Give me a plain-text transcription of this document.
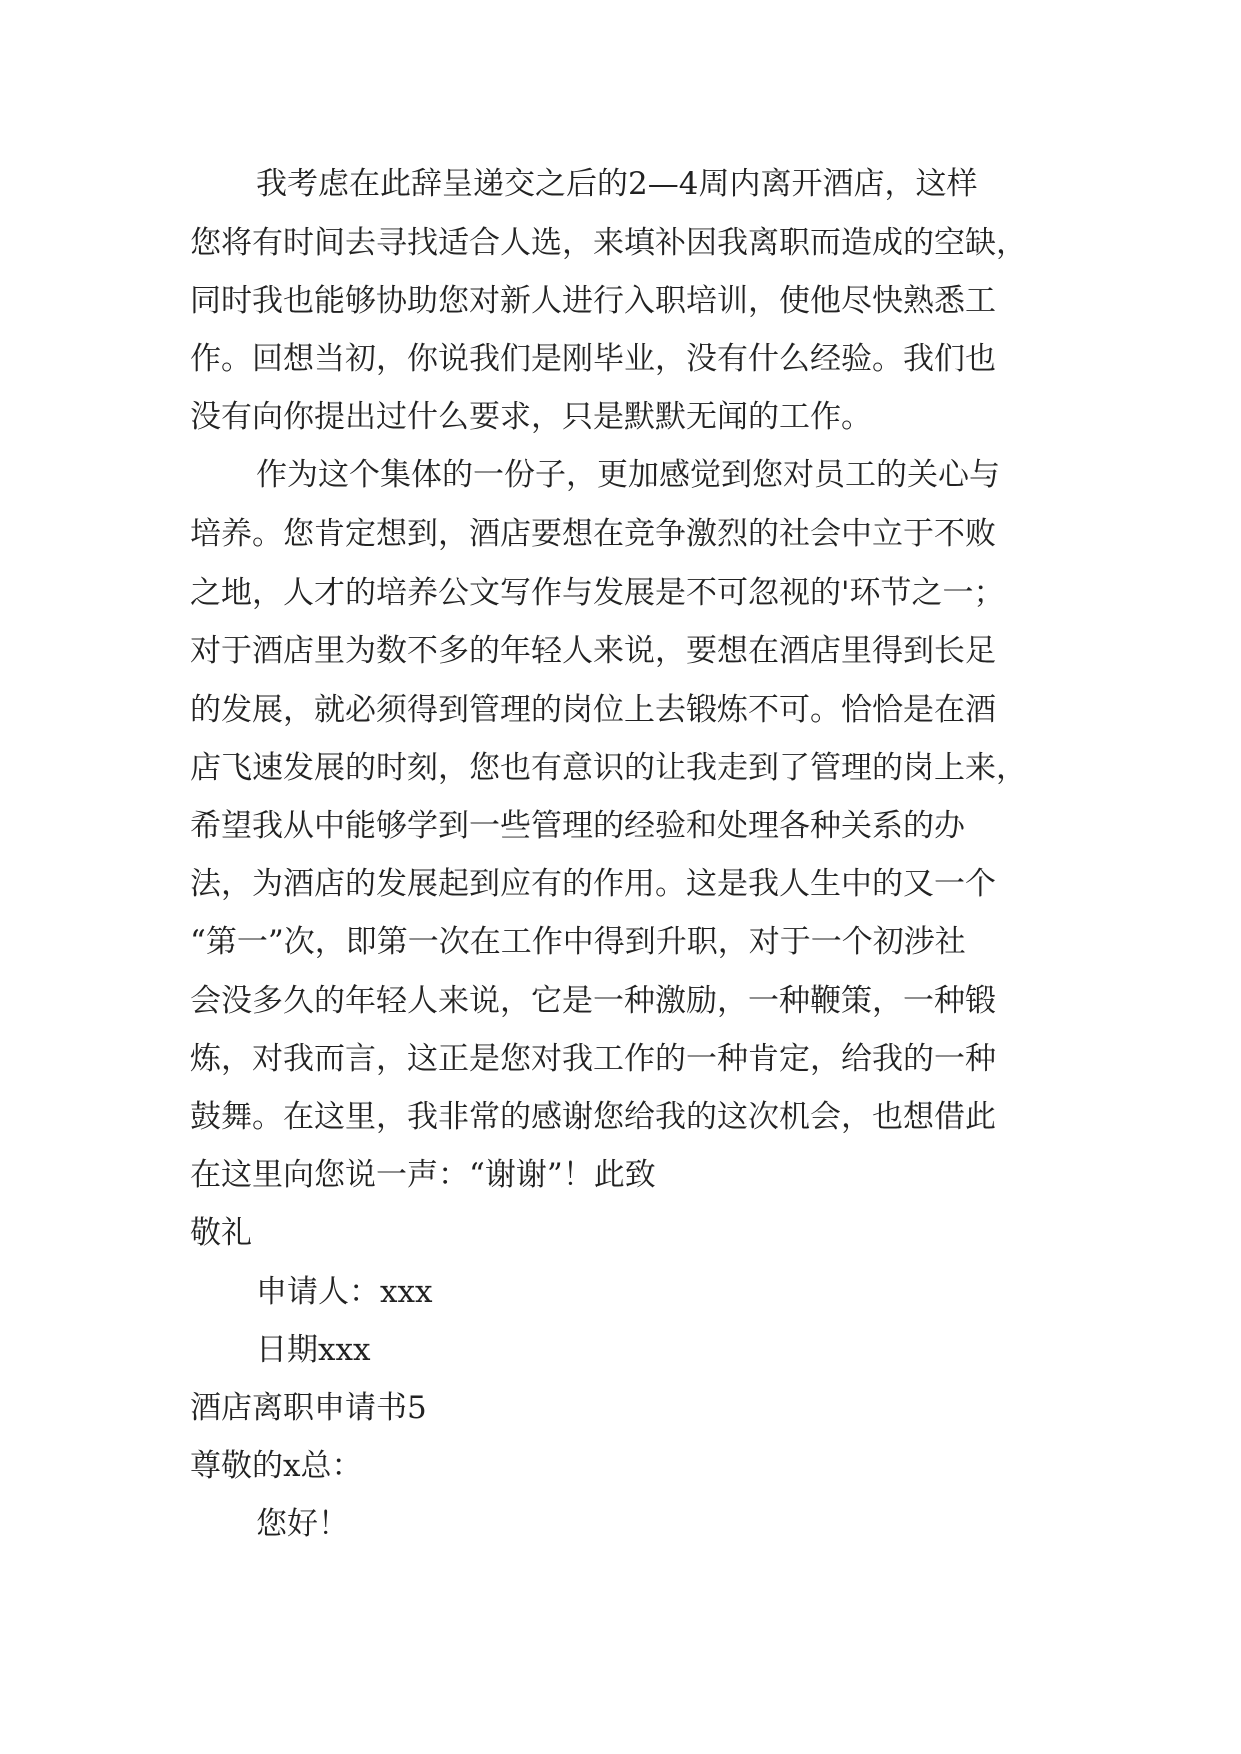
我考虑在此辞呈递交之后的2—4周内离开酒店，这样
您将有时间去寻找适合人选，来填补因我离职而造成的空缺，
同时我也能够协助您对新人进行入职培训，使他尽快熟悉工
作。回想当初，你说我们是刚毕业，没有什么经验。我们也
没有向你提出过什么要求，只是默默无闻的工作。
作为这个集体的一份子，更加感觉到您对员工的关心与
培养。您肯定想到，酒店要想在竞争激烈的社会中立于不败
之地，人才的培养公文写作与发展是不可忽视的'环节之一；
对于酒店里为数不多的年轻人来说，要想在酒店里得到长足
的发展，就必须得到管理的岗位上去锻炼不可。恰恰是在酒
店飞速发展的时刻，您也有意识的让我走到了管理的岗上来，
希望我从中能够学到一些管理的经验和处理各种关系的办
法，为酒店的发展起到应有的作用。这是我人生中的又一个
“第一”次，即第一次在工作中得到升职，对于一个初涉社
会没多久的年轻人来说，它是一种激励，一种鞭策，一种锻
炼，对我而言，这正是您对我工作的一种肯定，给我的一种
鼓舞。在这里，我非常的感谢您给我的这次机会，也想借此
在这里向您说一声：“谢谢”！此致
敬礼
申请人：xxx
日期xxx
酒店离职申请书5
尊敬的x总：
您好！
